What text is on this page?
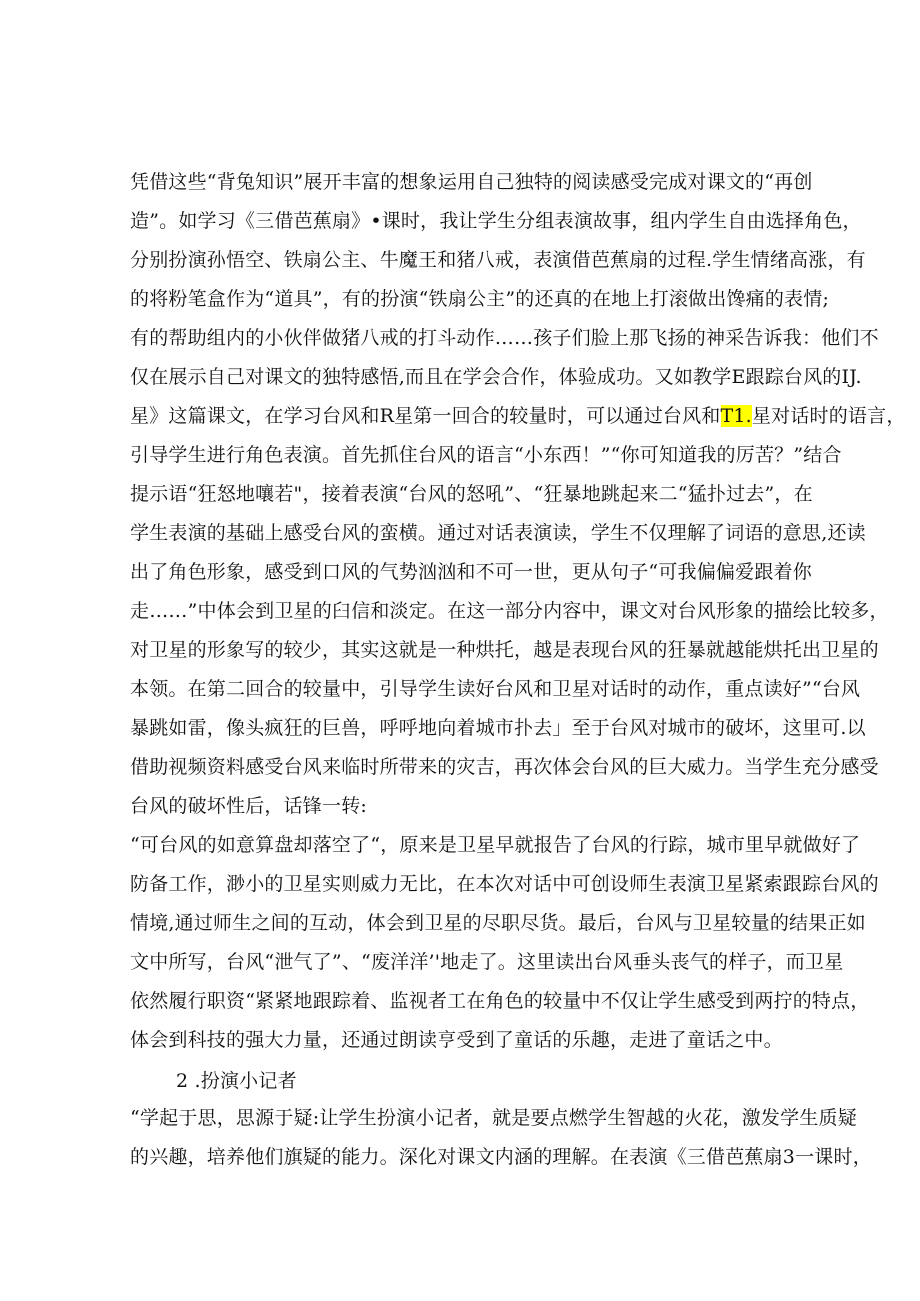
凭借这些“背兔知识”展开丰富的想象运用自己独特的阅读感受完成对课文的“再创
造”。如学习《三借芭蕉扇》•课时，我让学生分组表演故事，组内学生自由选择角色，
分别扮演孙悟空、铁扇公主、牛魔王和猪八戒，表演借芭蕉扇的过程.学生情绪高涨，有
的将粉笔盒作为“道具”，有的扮演“铁扇公主”的还真的在地上打滚做出馋痛的表情;
有的帮助组内的小伙伴做猪八戒的打斗动作……孩子们脸上那飞扬的神采告诉我：他们不
仅在展示自己对课文的独特感悟,而且在学会合作，体验成功。又如教学E跟踪台风的IJ.
星》这篇课文，在学习台风和R星第一回合的较量时，可以通过台风和T1.星对话时的语言，
引导学生进行角色表演。首先抓住台风的语言“小东西！”“你可知道我的厉苦？”结合
提示语“狂怒地嚷若"，接着表演“台风的怒吼”、“狂暴地跳起来二“猛扑过去”，在
学生表演的基础上感受台风的蛮横。通过对话表演读，学生不仅理解了词语的意思,还读
出了角色形象，感受到口风的气势汹汹和不可一世，更从句子“可我偏偏爱跟着你
走……”中体会到卫星的臼信和淡定。在这一部分内容中，课文对台风形象的描绘比较多，
对卫星的形象写的较少，其实这就是一种烘托，越是表现台风的狂暴就越能烘托出卫星的
本领。在第二回合的较量中，引导学生读好台风和卫星对话时的动作，重点读好”“台风
暴跳如雷，像头疯狂的巨兽，呼呼地向着城市扑去」至于台风对城市的破坏，这里可.以
借助视频资料感受台风来临时所带来的灾吉，再次体会台风的巨大威力。当学生充分感受
台风的破坏性后，话锋一转:
“可台风的如意算盘却落空了“，原来是卫星早就报告了台风的行踪，城市里早就做好了
防备工作，渺小的卫星实则威力无比，在本次对话中可创设师生表演卫星紧索跟踪台风的
情境,通过师生之间的互动，体会到卫星的尽职尽货。最后，台风与卫星较量的结果正如
文中所写，台风“泄气了”、“废洋洋’'地走了。这里读出台风垂头丧气的样子，而卫星
依然履行职资“紧紧地跟踪着、监视者工在角色的较量中不仅让学生感受到两拧的特点，
体会到科技的强大力量，还通过朗读亨受到了童话的乐趣，走进了童话之中。
2 .扮演小记者
“学起于思，思源于疑:让学生扮演小记者，就是要点燃学生智越的火花，激发学生质疑
的兴趣，培养他们旗疑的能力。深化对课文内涵的理解。在表演《三借芭蕉扇3一课时，
